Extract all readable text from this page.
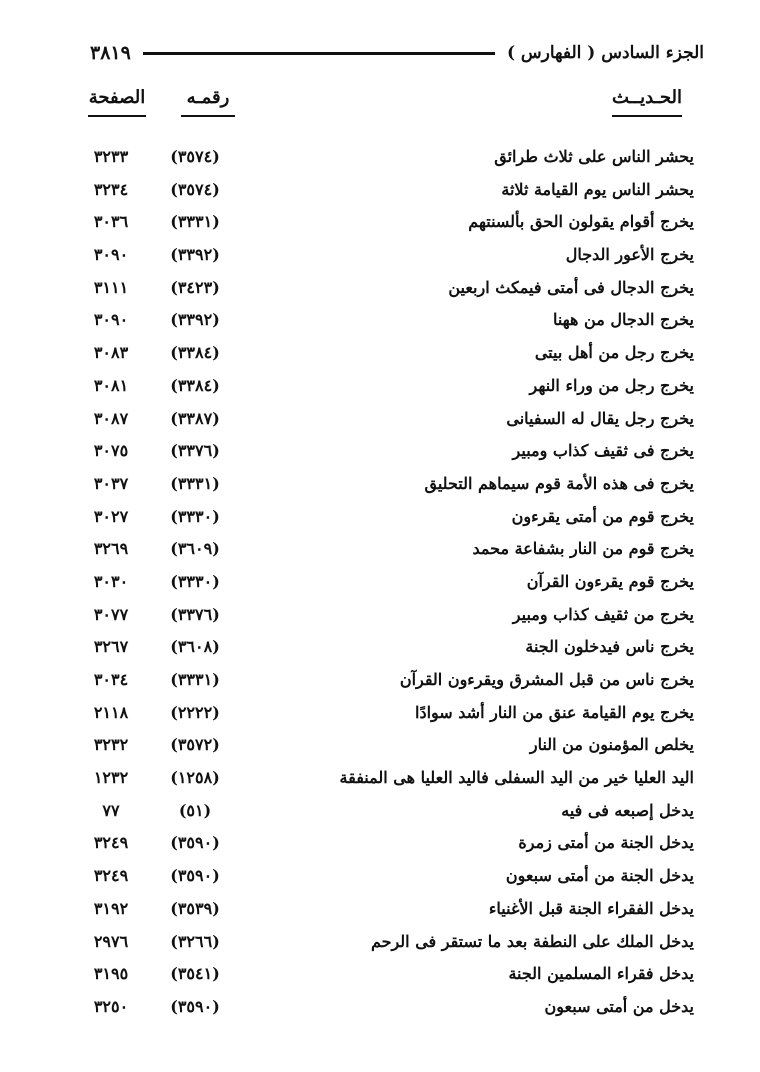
٣٨١٩	الجزء السادس ( الفهارس )
الحـديــث
رقمـه
الصفحة
يحشر الناس على ثلاث طرائق
(٣٥٧٤)
٣٢٣٣
يحشر الناس يوم القيامة ثلاثة
(٣٥٧٤)
٣٢٣٤
يخرج أقوام يقولون الحق بألسنتهم
(٣٣٣١)
٣٠٣٦
يخرج الأعور الدجال
(٣٣٩٢)
٣٠٩٠
يخرج الدجال فى أمتى فيمكث اربعين
(٣٤٢٣)
٣١١١
يخرج الدجال من ههنا
(٣٣٩٢)
٣٠٩٠
يخرج رجل من أهل بيتى
(٣٣٨٤)
٣٠٨٣
يخرج رجل من وراء النهر
(٣٣٨٤)
٣٠٨١
يخرج رجل يقال له السفيانى
(٣٣٨٧)
٣٠٨٧
يخرج فى ثقيف كذاب ومبير
(٣٣٧٦)
٣٠٧٥
يخرج فى هذه الأمة قوم سيماهم التحليق
(٣٣٣١)
٣٠٣٧
يخرج قوم من أمتى يقرءون
(٣٣٣٠)
٣٠٢٧
يخرج قوم من النار بشفاعة محمد
(٣٦٠٩)
٣٢٦٩
يخرج قوم يقرءون القرآن
(٣٣٣٠)
٣٠٣٠
يخرج من ثقيف كذاب ومبير
(٣٣٧٦)
٣٠٧٧
يخرج ناس فيدخلون الجنة
(٣٦٠٨)
٣٢٦٧
يخرج ناس من قبل المشرق ويقرءون القرآن
(٣٣٣١)
٣٠٣٤
يخرج يوم القيامة عنق من النار أشد سوادًا
(٢٢٢٢)
٢١١٨
يخلص المؤمنون من النار
(٣٥٧٢)
٣٢٣٢
اليد العليا خير من اليد السفلى فاليد العليا هى المنفقة
(١٢٥٨)
١٢٣٢
يدخل إصبعه فى فيه
(٥١)
٧٧
يدخل الجنة من أمتى زمرة
(٣٥٩٠)
٣٢٤٩
يدخل الجنة من أمتى سبعون
(٣٥٩٠)
٣٢٤٩
يدخل الفقراء الجنة قبل الأغنياء
(٣٥٣٩)
٣١٩٢
يدخل الملك على النطفة بعد ما تستقر فى الرحم
(٣٢٦٦)
٢٩٧٦
يدخل فقراء المسلمين الجنة
(٣٥٤١)
٣١٩٥
يدخل من أمتى سبعون
(٣٥٩٠)
٣٢٥٠
